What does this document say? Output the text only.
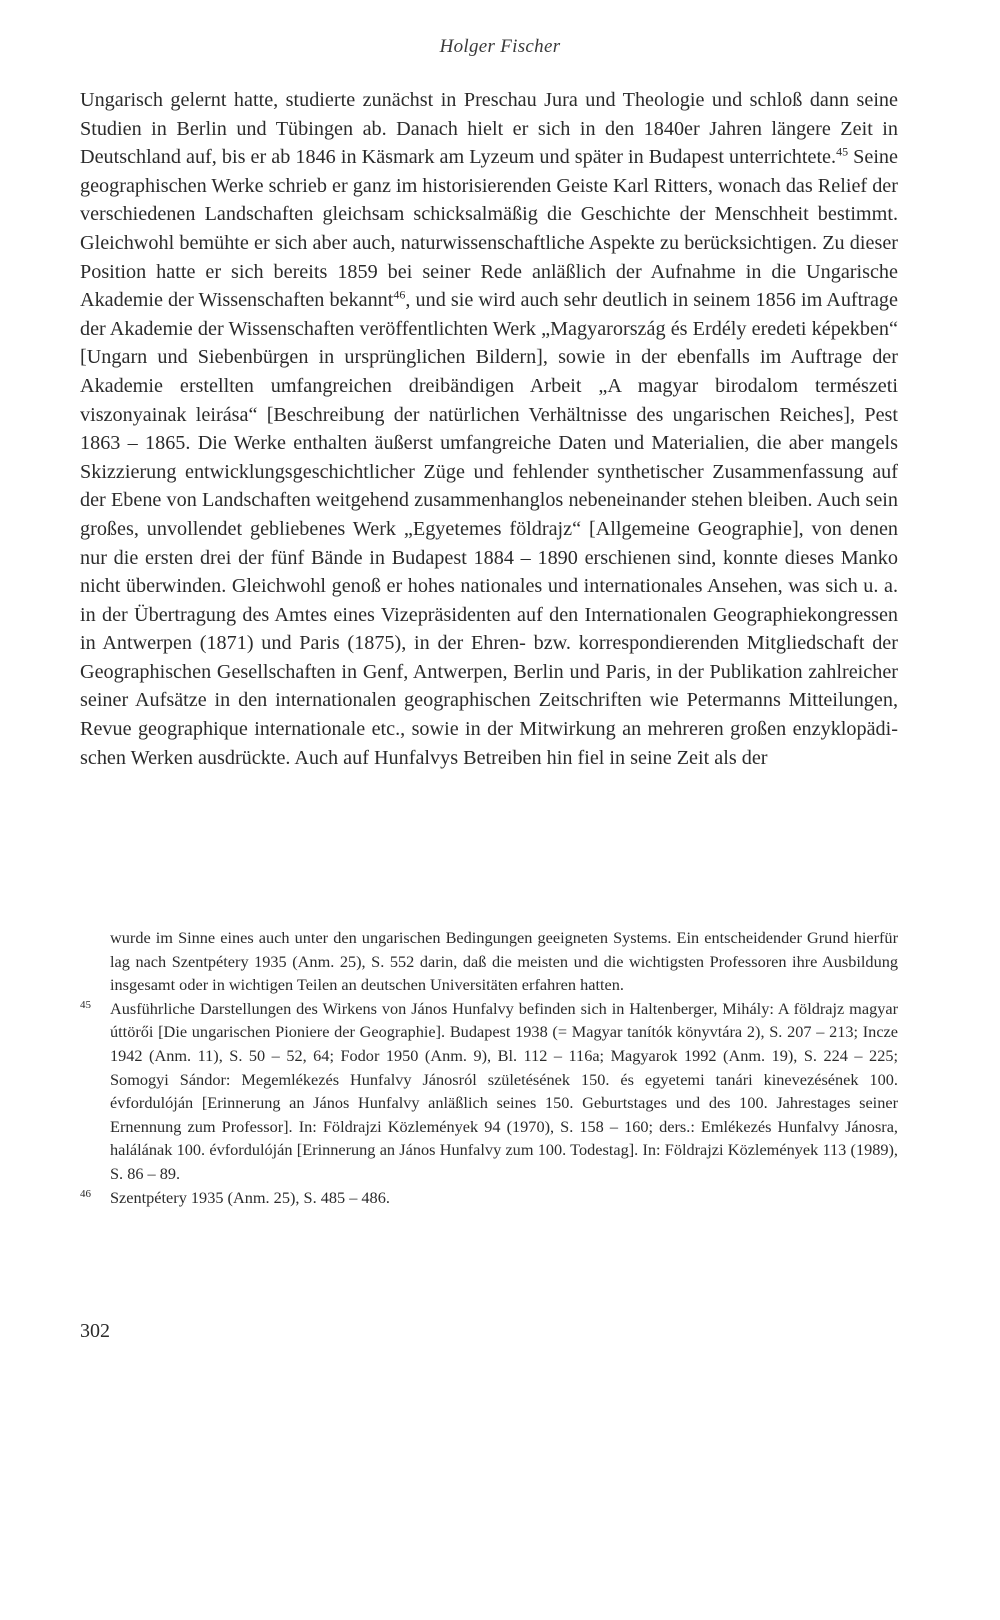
Holger Fischer

Ungarisch gelernt hatte, studierte zunächst in Preschau Jura und Theologie und schloß dann seine Studien in Berlin und Tübingen ab. Danach hielt er sich in den 1840er Jahren längere Zeit in Deutschland auf, bis er ab 1846 in Käsmark am Lyzeum und später in Budapest unterrichtete.$^{45}$ Seine geographischen Werke schrieb er ganz im historisierenden Geiste Karl Ritters, wonach das Relief der verschiedenen Landschaften gleichsam schicksalmäßig die Geschichte der Menschheit bestimmt. Gleichwohl bemühte er sich aber auch, naturwissenschaftliche Aspekte zu berücksichtigen. Zu dieser Position hatte er sich bereits 1859 bei seiner Rede anläßlich der Aufnahme in die Ungarische Akademie der Wissenschaften bekannt$^{46}$, und sie wird auch sehr deutlich in seinem 1856 im Auftrage der Akademie der Wissenschaften veröffentlichten Werk „Magyarország és Erdély eredeti képekben“ [Ungarn und Siebenbürgen in ursprünglichen Bildern], sowie in der ebenfalls im Auftrage der Akademie erstellten umfangreichen dreibändigen Arbeit „A magyar birodalom természeti viszonyainak leirása“ [Beschreibung der natürlichen Verhältnisse des ungarischen Reiches], Pest 1863 – 1865. Die Werke enthalten äußerst umfangreiche Daten und Materialien, die aber mangels Skizzierung entwicklungsgeschichtlicher Züge und fehlender synthetischer Zusammenfassung auf der Ebene von Landschaften weitgehend zusammenhanglos nebeneinander stehen bleiben. Auch sein großes, unvollendet gebliebenes Werk „Egyetemes földrajz“ [Allgemeine Geographie], von denen nur die ersten drei der fünf Bände in Budapest 1884 – 1890 erschienen sind, konnte dieses Manko nicht überwinden. Gleichwohl genoß er hohes nationales und internationales Ansehen, was sich u. a. in der Übertragung des Amtes eines Vizepräsidenten auf den Internationalen Geographiekongressen in Antwerpen (1871) und Paris (1875), in der Ehren- bzw. korrespondierenden Mitgliedschaft der Geographischen Gesellschaften in Genf, Antwerpen, Berlin und Paris, in der Publikation zahlreicher seiner Aufsätze in den internationalen geographischen Zeitschriften wie Petermanns Mitteilungen, Revue geographique internationale etc., sowie in der Mitwirkung an mehreren großen enzyklopädischen Werken ausdrückte. Auch auf Hunfalvys Betreiben hin fiel in seine Zeit als der

wurde im Sinne eines auch unter den ungarischen Bedingungen geeigneten Systems. Ein entscheidender Grund hierfür lag nach Szentpétery 1935 (Anm. 25), S. 552 darin, daß die meisten und die wichtigsten Professoren ihre Ausbildung insgesamt oder in wichtigen Teilen an deutschen Universitäten erfahren hatten.

45 Ausführliche Darstellungen des Wirkens von János Hunfalvy befinden sich in Haltenberger, Mihály: A földrajz magyar úttörői [Die ungarischen Pioniere der Geographie]. Budapest 1938 (= Magyar tanítók könyvtára 2), S. 207 – 213; Incze 1942 (Anm. 11), S. 50 – 52, 64; Fodor 1950 (Anm. 9), Bl. 112 – 116a; Magyarok 1992 (Anm. 19), S. 224 – 225; Somogyi Sándor: Megemlékezés Hunfalvy Jánosról születésének 150. és egyetemi tanári kinevezésének 100. évfordulóján [Erinnerung an János Hunfalvy anläßlich seines 150. Geburtstages und des 100. Jahrestages seiner Ernennung zum Professor]. In: Földrajzi Közlemények 94 (1970), S. 158 – 160; ders.: Emlékezés Hunfalvy Jánosra, halálának 100. évfordulóján [Erinnerung an János Hunfalvy zum 100. Todestag]. In: Földrajzi Közlemények 113 (1989), S. 86 – 89.

46 Szentpétery 1935 (Anm. 25), S. 485 – 486.

302
